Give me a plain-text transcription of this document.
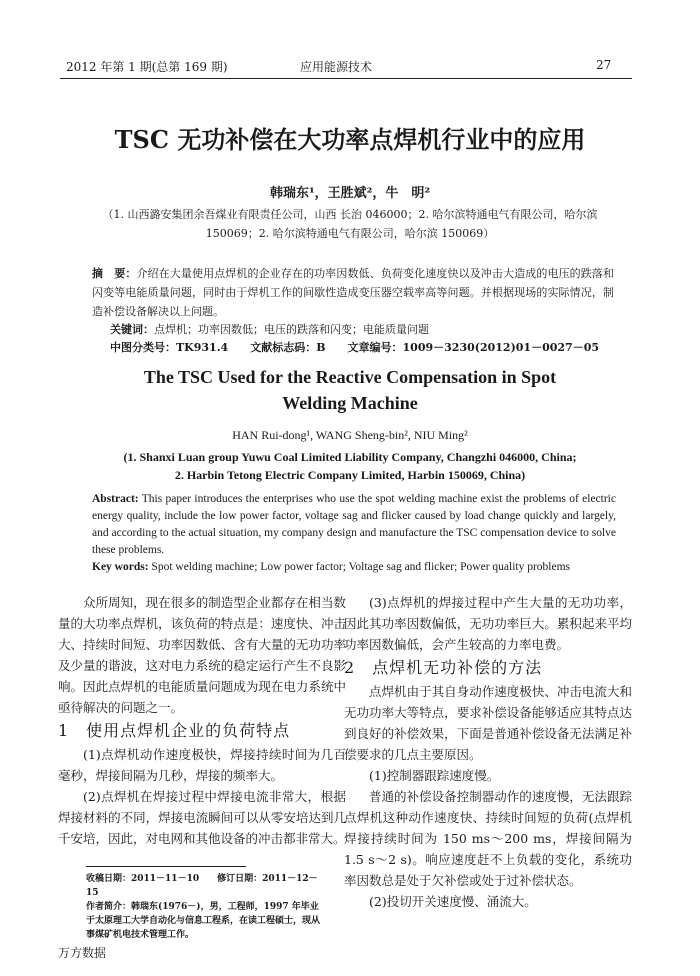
2012 年第 1 期(总第 169 期)	应用能源技术	27
TSC 无功补偿在大功率点焊机行业中的应用
韩瑞东¹，王胜斌²，牛　明²
（1. 山西潞安集团余吾煤业有限责任公司，山西 长治 046000；2. 哈尔滨特通电气有限公司，哈尔滨 150069；2. 哈尔滨特通电气有限公司，哈尔滨 150069）
摘　要：介绍在大量使用点焊机的企业存在的功率因数低、负荷变化速度快以及冲击大造成的电压的跌落和闪变等电能质量问题，同时由于焊机工作的间歇性造成变压器空载率高等问题。并根据现场的实际情况，制造补偿设备解决以上问题。
关键词：点焊机；功率因数低；电压的跌落和闪变；电能质量问题
中图分类号：TK931.4 文献标志码：B 文章编号：1009－3230(2012)01－0027－05
The TSC Used for the Reactive Compensation in Spot Welding Machine
HAN Rui-dong¹, WANG Sheng-bin², NIU Ming²
(1. Shanxi Luan group Yuwu Coal Limited Liability Company, Changzhi 046000, China;
2. Harbin Tetong Electric Company Limited, Harbin 150069, China)
Abstract: This paper introduces the enterprises who use the spot welding machine exist the problems of electric energy quality, include the low power factor, voltage sag and flicker caused by load change quickly and largely, and according to the actual situation, my company design and manufacture the TSC compensation device to solve these problems.
Key words: Spot welding machine; Low power factor; Voltage sag and flicker; Power quality problems

众所周知，现在很多的制造型企业都存在相当数量的大功率点焊机，该负荷的特点是：速度快、冲击大、持续时间短、功率因数低、含有大量的无功功率及少量的谐波，这对电力系统的稳定运行产生不良影响。因此点焊机的电能质量问题成为现在电力系统中亟待解决的问题之一。

1　使用点焊机企业的负荷特点

(1)点焊机动作速度极快，焊接持续时间为几百毫秒，焊接间隔为几秒，焊接的频率大。

(2)点焊机在焊接过程中焊接电流非常大，根据焊接材料的不同，焊接电流瞬间可以从零安培达到几千安培，因此，对电网和其他设备的冲击都非常大。

(3)点焊机的焊接过程中产生大量的无功功率，因此其功率因数偏低，无功功率巨大。累积起来平均功率因数偏低，会产生较高的力率电费。

2　点焊机无功补偿的方法

点焊机由于其自身动作速度极快、冲击电流大和无功功率大等特点，要求补偿设备能够适应其特点达到良好的补偿效果，下面是普通补偿设备无法满足补偿要求的几点主要原因。

(1)控制器跟踪速度慢。

普通的补偿设备控制器动作的速度慢，无法跟踪点焊机这种动作速度快、持续时间短的负荷(点焊机焊接持续时间为 150 ms～200 ms，焊接间隔为 1.5 s～2 s)。响应速度赶不上负载的变化，系统功率因数总是处于欠补偿或处于过补偿状态。

(2)投切开关速度慢、涌流大。

收稿日期：2011－11－10　　修订日期：2011－12－15
作者简介：韩瑞东(1976－)，男，工程师，1997 年毕业于太原理工大学自动化与信息工程系，在读工程硕士，现从事煤矿机电技术管理工作。
万方数据
